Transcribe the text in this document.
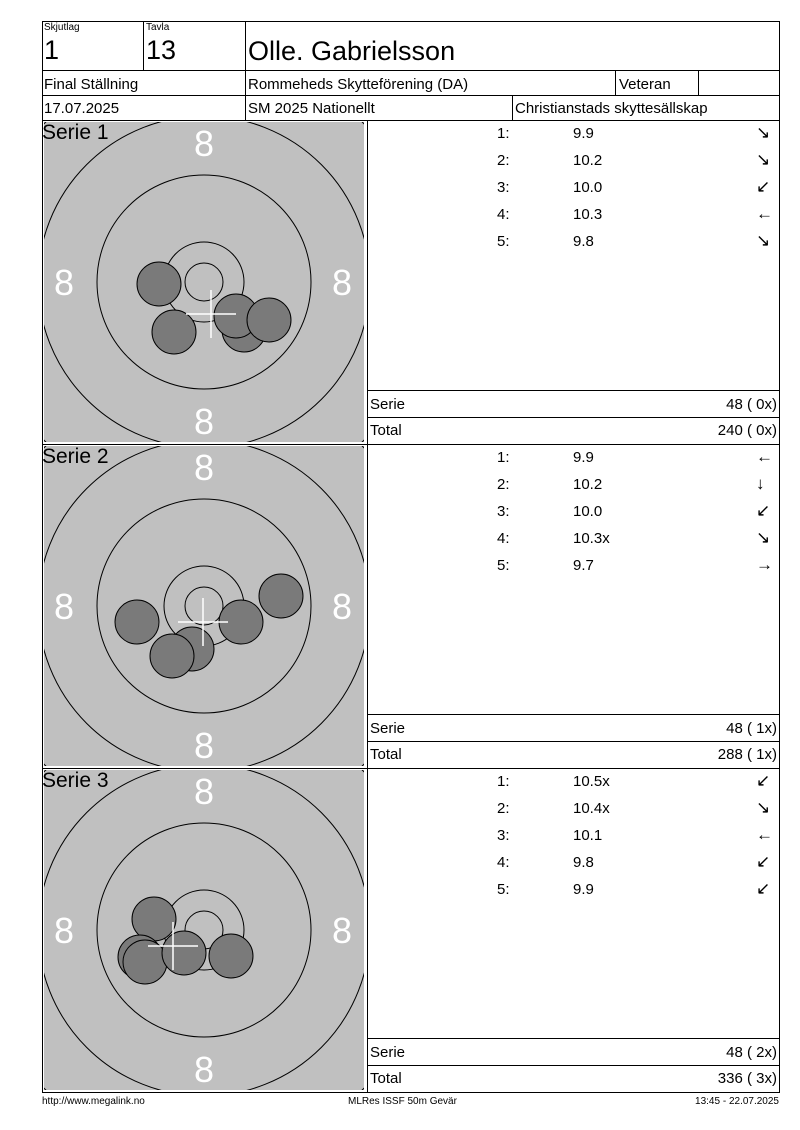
Skjutlag
1
Tavla
13	Olle. Gabrielsson
Final Ställning	Rommeheds Skytteförening (DA)	Veteran
17.07.2025	SM 2025 Nationellt	Christianstads skyttesällskap
8
8
8	8
Serie 1	1:	9.9	↘
2:	10.2	↘
3:	10.0	↙
4:	10.3	←
5:	9.8	↘
Serie	48 ( 0x)
Total	240 ( 0x)
8
8
8	8
Serie 2	1:	9.9	←
2:	10.2	↓
3:	10.0	↙
4:	10.3x	↘
5:	9.7	→
Serie	48 ( 1x)
Total	288 ( 1x)
8
8
8	8
Serie 3	1:	10.5x	↙
2:	10.4x	↘
3:	10.1	←
4:	9.8	↙
5:	9.9	↙
Serie	48 ( 2x)
Total	336 ( 3x)
http://www.megalink.no	MLRes ISSF 50m Gevär	13:45 - 22.07.2025
